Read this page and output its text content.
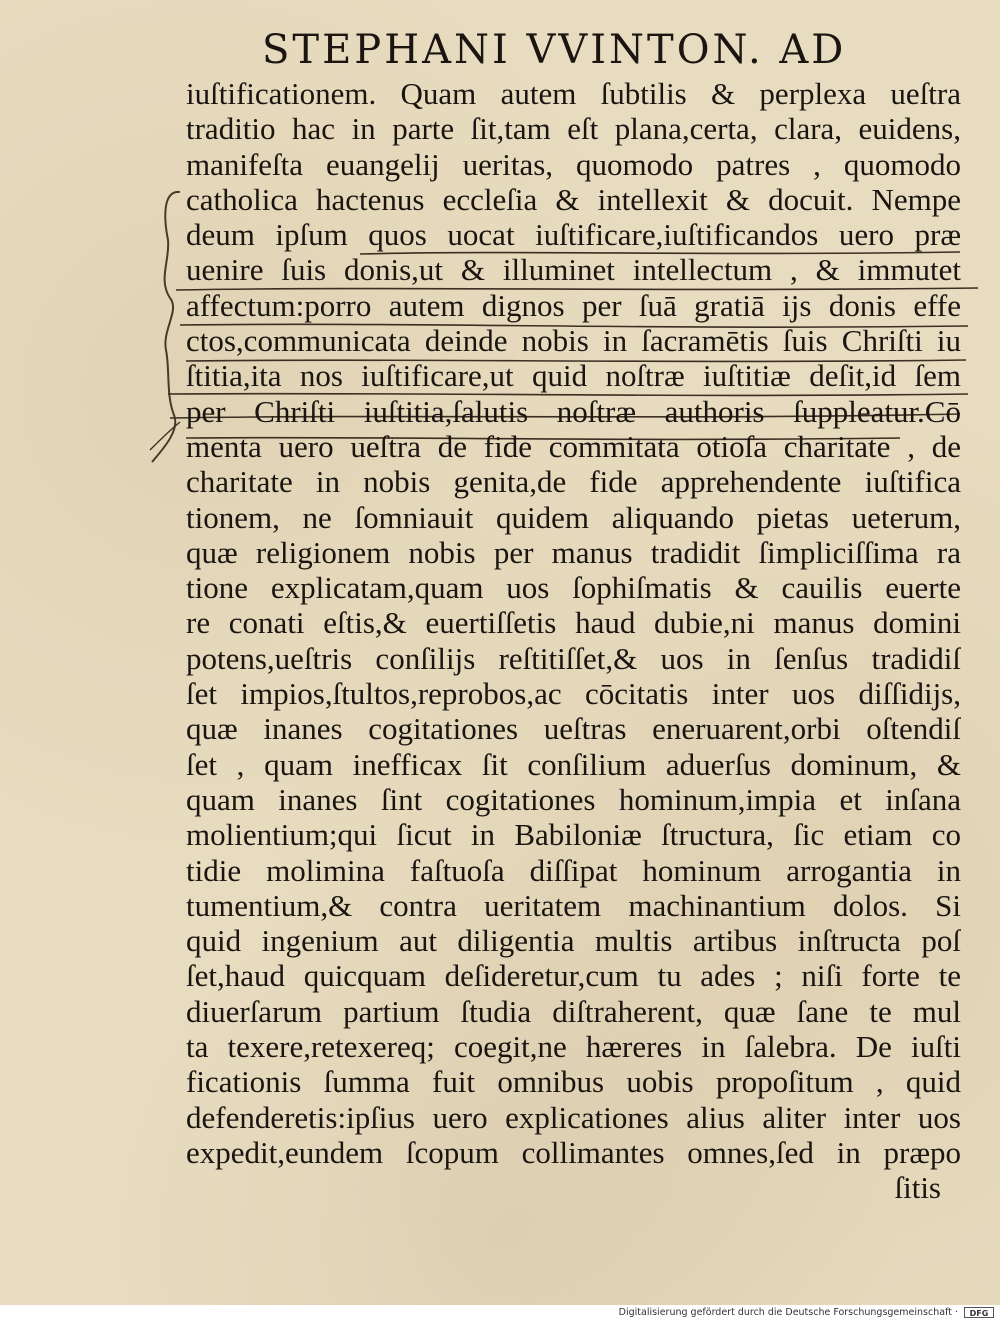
STEPHANI VVINTON. AD
iuſtificationem. Quam autem ſubtilis & perplexa ueſtra
traditio hac in parte ſit,tam eſt plana,certa, clara, euidens,
manifeſta euangelij ueritas, quomodo patres , quomodo
catholica hactenus eccleſia & intellexit & docuit. Nempe
deum ipſum quos uocat iuſtificare,iuſtificandos uero præ
uenire ſuis donis,ut & illuminet intellectum , & immutet
affectum:porro autem dignos per ſuā gratiā ijs donis effe
ctos,communicata deinde nobis in ſacramētis ſuis Chriſti iu
ſtitia,ita nos iuſtificare,ut quid noſtræ iuſtitiæ deſit,id ſem
per Chriſti iuſtitia,ſalutis noſtræ authoris ſuppleatur.Cō
menta uero ueſtra de fide commitata otioſa charitate , de
charitate in nobis genita,de fide apprehendente iuſtifica
tionem, ne ſomniauit quidem aliquando pietas ueterum,
quæ religionem nobis per manus tradidit ſimpliciſſima ra
tione explicatam,quam uos ſophiſmatis & cauilis euerte
re conati eſtis,& euertiſſetis haud dubie,ni manus domini
potens,ueſtris conſilijs reſtitiſſet,& uos in ſenſus tradidiſ
ſet impios,ſtultos,reprobos,ac cōcitatis inter uos diſſidijs,
quæ inanes cogitationes ueſtras eneruarent,orbi oſtendiſ
ſet , quam inefficax ſit conſilium aduerſus dominum, &
quam inanes ſint cogitationes hominum,impia et inſana
molientium;qui ſicut in Babiloniæ ſtructura, ſic etiam co
tidie molimina faſtuoſa diſſipat hominum arrogantia in
tumentium,& contra ueritatem machinantium dolos. Si
quid ingenium aut diligentia multis artibus inſtructa poſ
ſet,haud quicquam deſideretur,cum tu ades ; niſi forte te
diuerſarum partium ſtudia diſtraherent, quæ ſane te mul
ta texere,retexereq; coegit,ne hæreres in ſalebra. De iuſti
ficationis ſumma fuit omnibus uobis propoſitum , quid
defenderetis:ipſius uero explicationes alius aliter inter uos
expedit,eundem ſcopum collimantes omnes,ſed in præpo
ſitis
Digitalisierung gefördert durch die Deutsche Forschungsgemeinschaft ·	DFG
